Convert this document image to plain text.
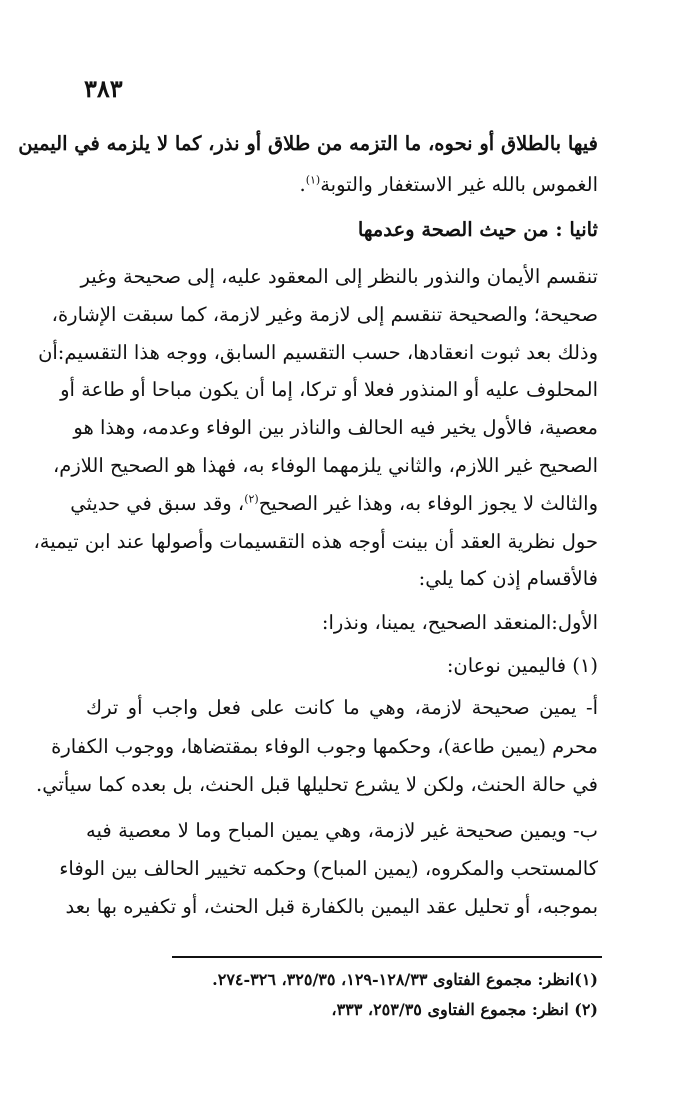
٣٨٣
فيها بالطلاق أو نحوه، ما التزمه من طلاق أو نذر، كما لا يلزمه في اليمين
الغموس بالله غير الاستغفار والتوبة$^{(١)}$.
ثانيا : من حيث الصحة وعدمها
تنقسم الأيمان والنذور بالنظر إلى المعقود عليه، إلى صحيحة وغير
صحيحة؛ والصحيحة تنقسم إلى لازمة وغير لازمة، كما سبقت الإشارة،
وذلك بعد ثبوت انعقادها، حسب التقسيم السابق، ووجه هذا التقسيم:أن
المحلوف عليه أو المنذور فعلا أو تركا، إما أن يكون مباحا أو طاعة أو
معصية، فالأول يخير فيه الحالف والناذر بين الوفاء وعدمه، وهذا هو
الصحيح غير اللازم، والثاني يلزمهما الوفاء به، فهذا هو الصحيح اللازم،
والثالث لا يجوز الوفاء به، وهذا غير الصحيح$^{(٢)}$، وقد سبق في حديثي
حول نظرية العقد أن بينت أوجه هذه التقسيمات وأصولها عند ابن تيمية،
فالأقسام إذن كما يلي:
الأول:المنعقد الصحيح، يمينا، ونذرا:
(١) فاليمين نوعان:
أ- يمين صحيحة لازمة، وهي ما كانت على فعل واجب أو ترك
محرم (يمين طاعة)، وحكمها وجوب الوفاء بمقتضاها، ووجوب الكفارة
في حالة الحنث، ولكن لا يشرع تحليلها قبل الحنث، بل بعده كما سيأتي.
ب- ويمين صحيحة غير لازمة، وهي يمين المباح وما لا معصية فيه
كالمستحب والمكروه، (يمين المباح) وحكمه تخيير الحالف بين الوفاء
بموجبه، أو تحليل عقد اليمين بالكفارة قبل الحنث، أو تكفيره بها بعد
(١)انظر: مجموع الفتاوى ١٢٨/٣٣-١٢٩، ٣٢٥/٣٥، ٣٢٦-٢٧٤.
(٢) انظر: مجموع الفتاوى ٢٥٣/٣٥، ٣٣٣،
